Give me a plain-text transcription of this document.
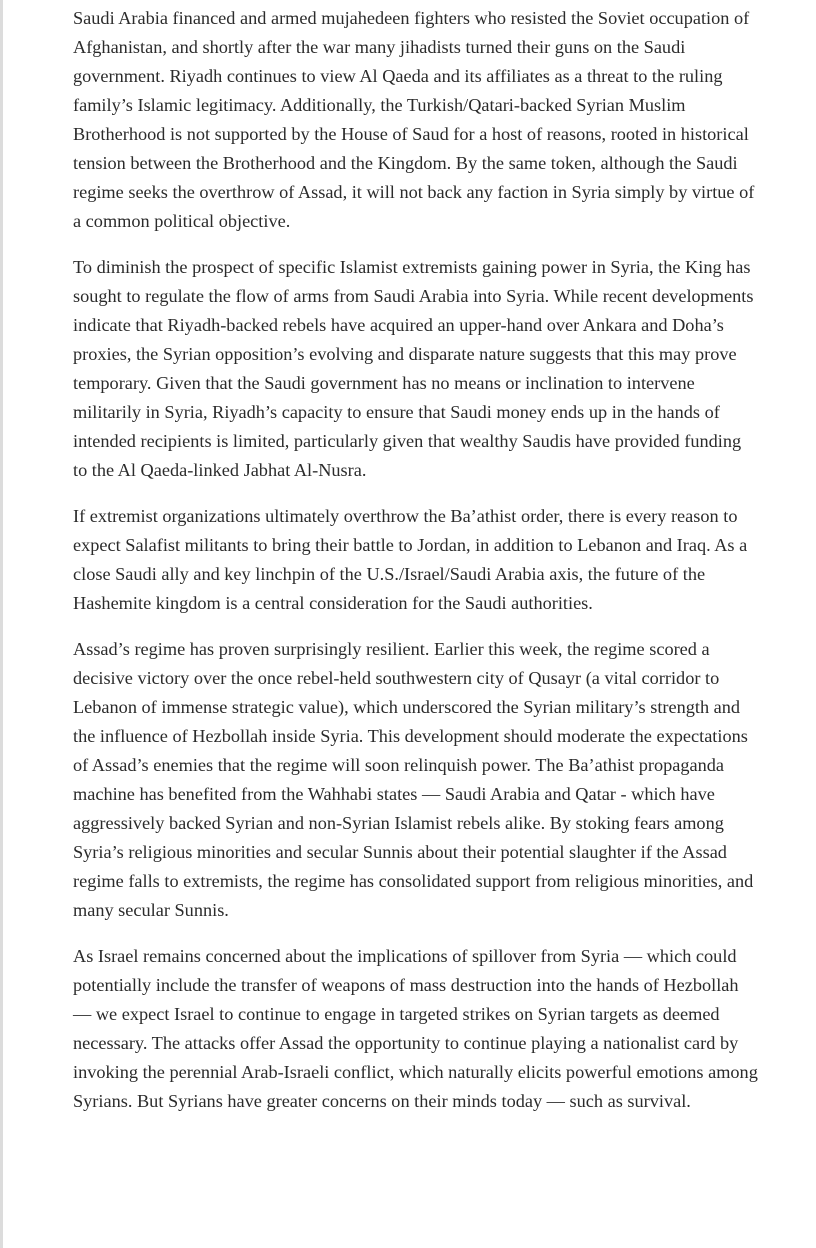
Saudi Arabia financed and armed mujahedeen fighters who resisted the Soviet occupation of Afghanistan, and shortly after the war many jihadists turned their guns on the Saudi government. Riyadh continues to view Al Qaeda and its affiliates as a threat to the ruling family’s Islamic legitimacy. Additionally, the Turkish/Qatari-backed Syrian Muslim Brotherhood is not supported by the House of Saud for a host of reasons, rooted in historical tension between the Brotherhood and the Kingdom. By the same token, although the Saudi regime seeks the overthrow of Assad, it will not back any faction in Syria simply by virtue of a common political objective.

To diminish the prospect of specific Islamist extremists gaining power in Syria, the King has sought to regulate the flow of arms from Saudi Arabia into Syria. While recent developments indicate that Riyadh-backed rebels have acquired an upper-hand over Ankara and Doha’s proxies, the Syrian opposition’s evolving and disparate nature suggests that this may prove temporary. Given that the Saudi government has no means or inclination to intervene militarily in Syria, Riyadh’s capacity to ensure that Saudi money ends up in the hands of intended recipients is limited, particularly given that wealthy Saudis have provided funding to the Al Qaeda-linked Jabhat Al-Nusra.

If extremist organizations ultimately overthrow the Ba’athist order, there is every reason to expect Salafist militants to bring their battle to Jordan, in addition to Lebanon and Iraq. As a close Saudi ally and key linchpin of the U.S./Israel/Saudi Arabia axis, the future of the Hashemite kingdom is a central consideration for the Saudi authorities.

Assad’s regime has proven surprisingly resilient. Earlier this week, the regime scored a decisive victory over the once rebel-held southwestern city of Qusayr (a vital corridor to Lebanon of immense strategic value), which underscored the Syrian military’s strength and the influence of Hezbollah inside Syria. This development should moderate the expectations of Assad’s enemies that the regime will soon relinquish power. The Ba’athist propaganda machine has benefited from the Wahhabi states — Saudi Arabia and Qatar - which have aggressively backed Syrian and non-Syrian Islamist rebels alike. By stoking fears among Syria’s religious minorities and secular Sunnis about their potential slaughter if the Assad regime falls to extremists, the regime has consolidated support from religious minorities, and many secular Sunnis.

As Israel remains concerned about the implications of spillover from Syria — which could potentially include the transfer of weapons of mass destruction into the hands of Hezbollah — we expect Israel to continue to engage in targeted strikes on Syrian targets as deemed necessary. The attacks offer Assad the opportunity to continue playing a nationalist card by invoking the perennial Arab-Israeli conflict, which naturally elicits powerful emotions among Syrians. But Syrians have greater concerns on their minds today — such as survival.
